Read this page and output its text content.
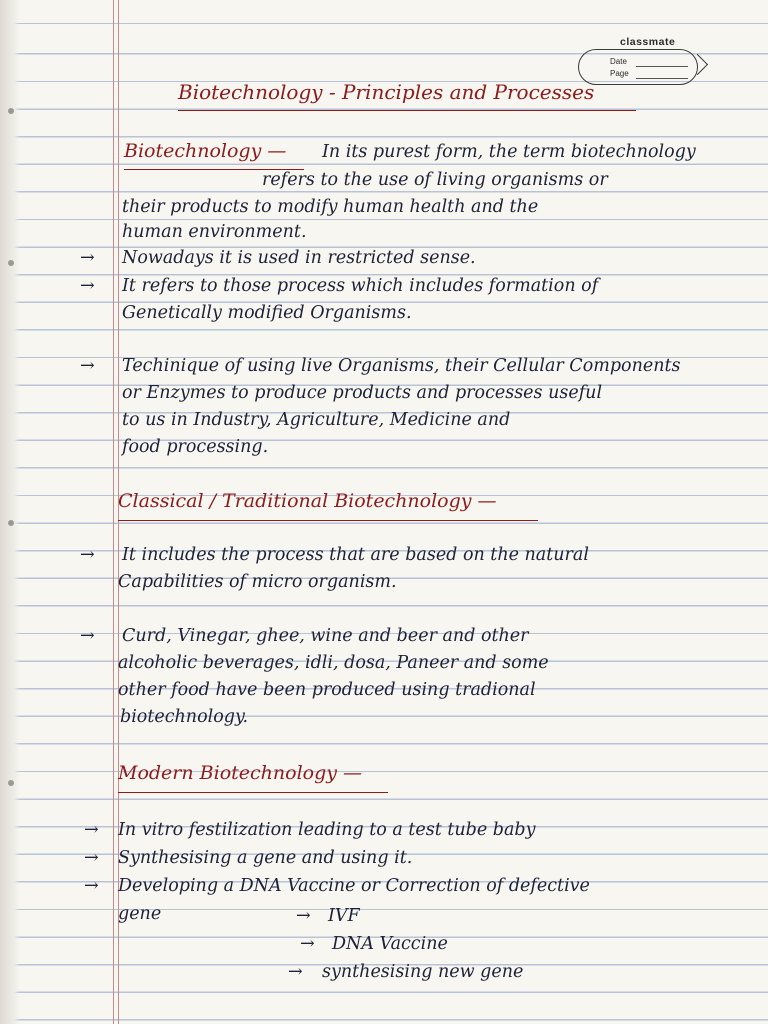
classmate
Date
Page
Biotechnology - Principles and Processes
Biotechnology — In its purest form, the term biotechnology
refers to the use of living organisms or
their products to modify human health and the
human environment.
→ Nowadays it is used in restricted sense.
→ It refers to those process which includes formation of
Genetically modified Organisms.
→ Techinique of using live Organisms, their Cellular Components
or Enzymes to produce products and processes useful
to us in Industry, Agriculture, Medicine and
food processing.
Classical / Traditional Biotechnology —
→ It includes the process that are based on the natural
Capabilities of micro organism.
→ Curd, Vinegar, ghee, wine and beer and other
alcoholic beverages, idli, dosa, Paneer and some
other food have been produced using tradional
biotechnology.
Modern Biotechnology —
→ In vitro festilization leading to a test tube baby
→ Synthesising a gene and using it.
→ Developing a DNA Vaccine or Correction of defective
gene	→ IVF
→ DNA Vaccine
→ synthesising new gene
